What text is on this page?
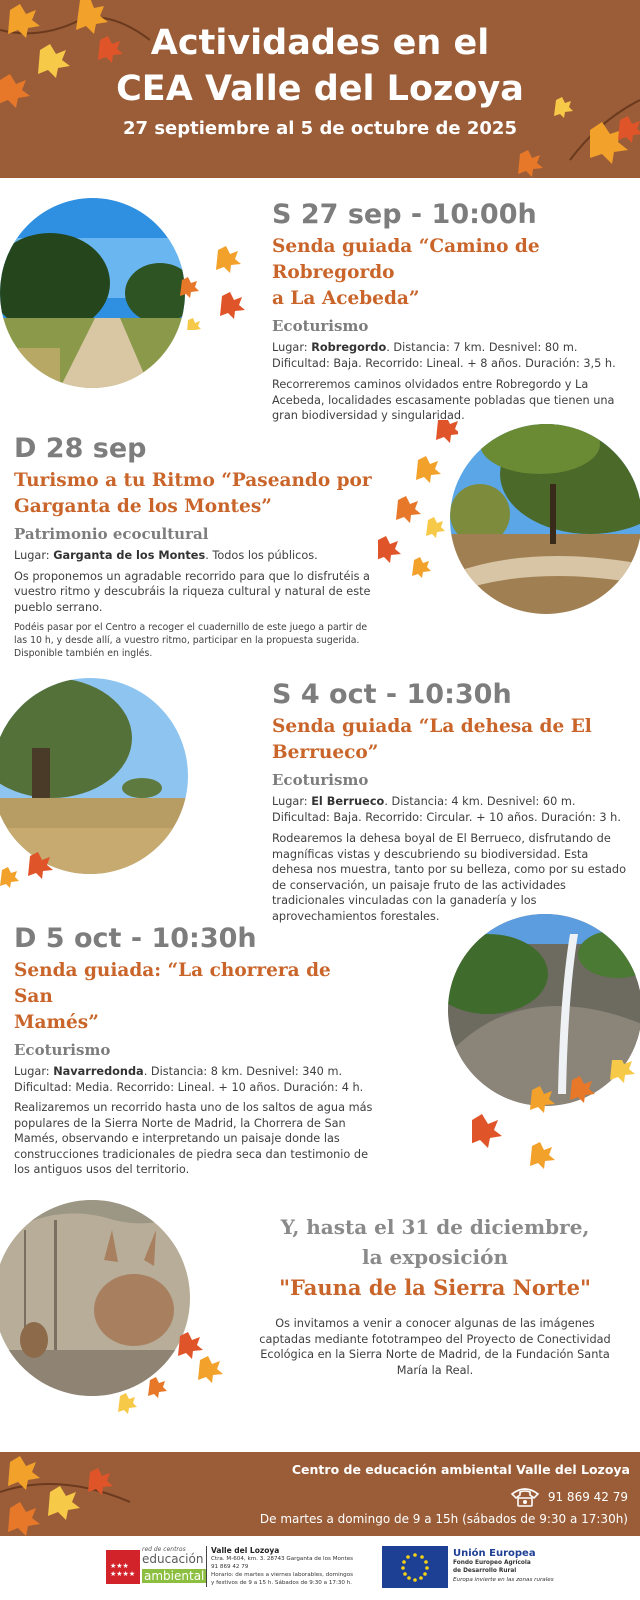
Actividades en el
CEA Valle del Lozoya
27 septiembre al 5 de octubre de 2025
S 27 sep - 10:00h
Senda guiada “Camino de Robregordo
a La Acebeda”
Ecoturismo
Lugar: Robregordo. Distancia: 7 km. Desnivel: 80 m. Dificultad: Baja. Recorrido: Lineal. + 8 años. Duración: 3,5 h.
Recorreremos caminos olvidados entre Robregordo y La Acebeda, localidades escasamente pobladas que tienen una gran biodiversidad y singularidad.
D 28 sep
Turismo a tu Ritmo “Paseando por
Garganta de los Montes”
Patrimonio ecocultural
Lugar: Garganta de los Montes. Todos los públicos.
Os proponemos un agradable recorrido para que lo disfrutéis a vuestro ritmo y descubráis la riqueza cultural y natural de este pueblo serrano.
Podéis pasar por el Centro a recoger el cuadernillo de este juego a partir de las 10 h, y desde allí, a vuestro ritmo, participar en la propuesta sugerida. Disponible también en inglés.
S 4 oct - 10:30h
Senda guiada “La dehesa de El
Berrueco”
Ecoturismo
Lugar: El Berrueco. Distancia: 4 km. Desnivel: 60 m. Dificultad: Baja. Recorrido: Circular. + 10 años. Duración: 3 h.
Rodearemos la dehesa boyal de El Berrueco, disfrutando de magníficas vistas y descubriendo su biodiversidad. Esta dehesa nos muestra, tanto por su belleza, como por su estado de conservación, un paisaje fruto de las actividades tradicionales vinculadas con la ganadería y los aprovechamientos forestales.
D 5 oct - 10:30h
Senda guiada: “La chorrera de San
Mamés”
Ecoturismo
Lugar: Navarredonda. Distancia: 8 km. Desnivel: 340 m. Dificultad: Media. Recorrido: Lineal. + 10 años. Duración: 4 h.
Realizaremos un recorrido hasta uno de los saltos de agua más populares de la Sierra Norte de Madrid, la Chorrera de San Mamés, observando e interpretando un paisaje donde las construcciones tradicionales de piedra seca dan testimonio de los antiguos usos del territorio.
Y, hasta el 31 de diciembre,
la exposición
"Fauna de la Sierra Norte"
Os invitamos a venir a conocer algunas de las imágenes captadas mediante fototrampeo del Proyecto de Conectividad Ecológica en la Sierra Norte de Madrid, de la Fundación Santa María la Real.
Centro de educación ambiental Valle del Lozoya
91 869 42 79
De martes a domingo de 9 a 15h (sábados de 9:30 a 17:30h)
★★★
★★★★
red de centros
educación
ambiental
Valle del Lozoya
Ctra. M-604, km. 3. 28743 Garganta de los Montes
91 869 42 79
Horario: de martes a viernes laborables, domingos
y festivos de 9 a 15 h. Sábados de 9:30 a 17:30 h.
Unión Europea
Fondo Europeo Agrícola
de Desarrollo Rural
Europa invierte en las zonas rurales
